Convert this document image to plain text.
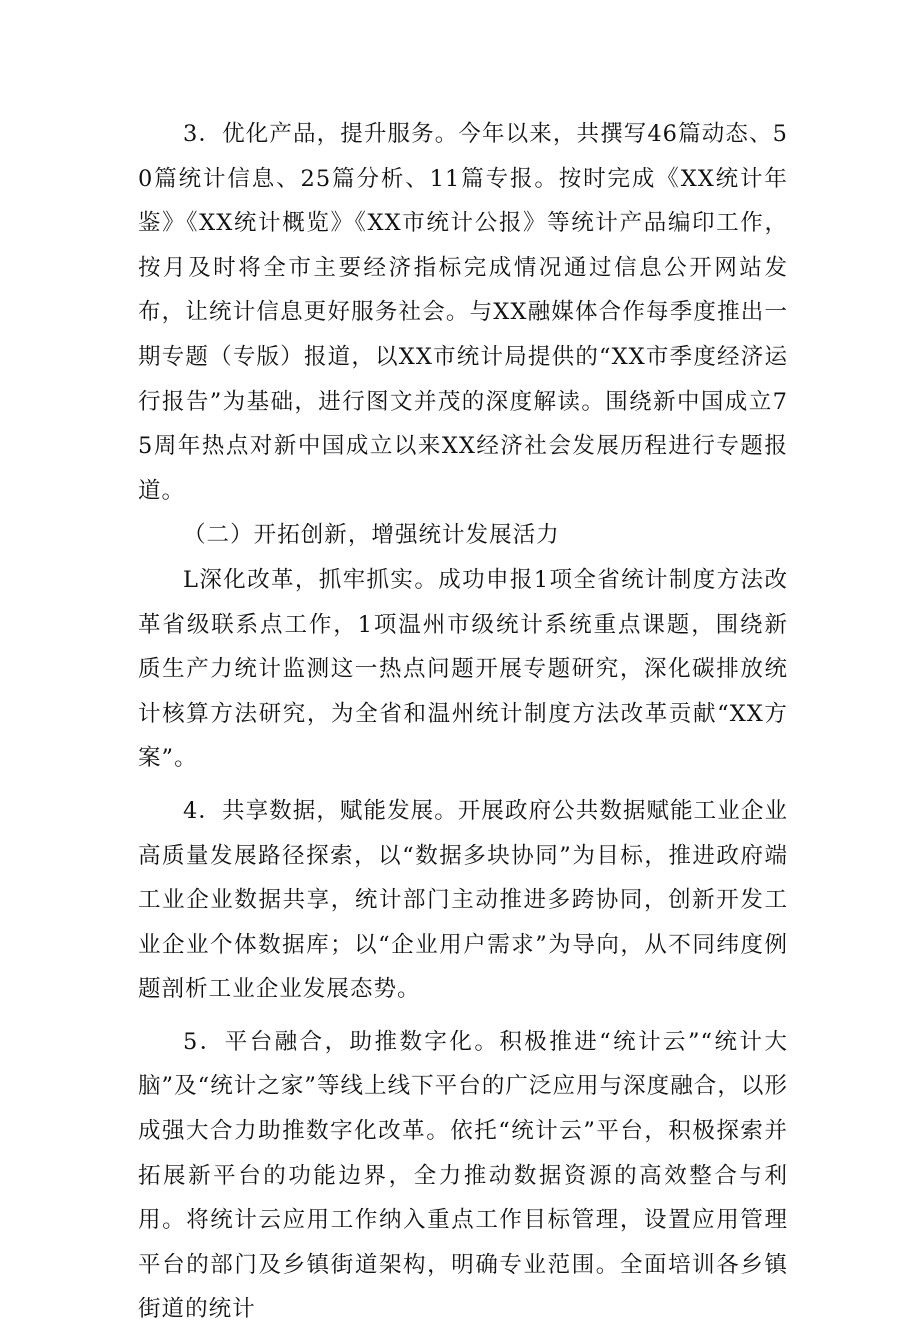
3．优化产品，提升服务。今年以来，共撰写46篇动态、50篇统计信息、25篇分析、11篇专报。按时完成《XX统计年鉴》《XX统计概览》《XX市统计公报》等统计产品编印工作，按月及时将全市主要经济指标完成情况通过信息公开网站发布，让统计信息更好服务社会。与XX融媒体合作每季度推出一期专题（专版）报道，以XX市统计局提供的“XX市季度经济运行报告”为基础，进行图文并茂的深度解读。围绕新中国成立75周年热点对新中国成立以来XX经济社会发展历程进行专题报道。

（二）开拓创新，增强统计发展活力

L深化改革，抓牢抓实。成功申报1项全省统计制度方法改革省级联系点工作，1项温州市级统计系统重点课题，围绕新质生产力统计监测这一热点问题开展专题研究，深化碳排放统计核算方法研究，为全省和温州统计制度方法改革贡献“XX方案”。

4．共享数据，赋能发展。开展政府公共数据赋能工业企业高质量发展路径探索，以“数据多块协同”为目标，推进政府端工业企业数据共享，统计部门主动推进多跨协同，创新开发工业企业个体数据库；以“企业用户需求”为导向，从不同纬度例题剖析工业企业发展态势。

5．平台融合，助推数字化。积极推进“统计云”“统计大脑”及“统计之家”等线上线下平台的广泛应用与深度融合，以形成强大合力助推数字化改革。依托“统计云”平台，积极探索并拓展新平台的功能边界，全力推动数据资源的高效整合与利用。将统计云应用工作纳入重点工作目标管理，设置应用管理平台的部门及乡镇街道架构，明确专业范围。全面培训各乡镇街道的统计
